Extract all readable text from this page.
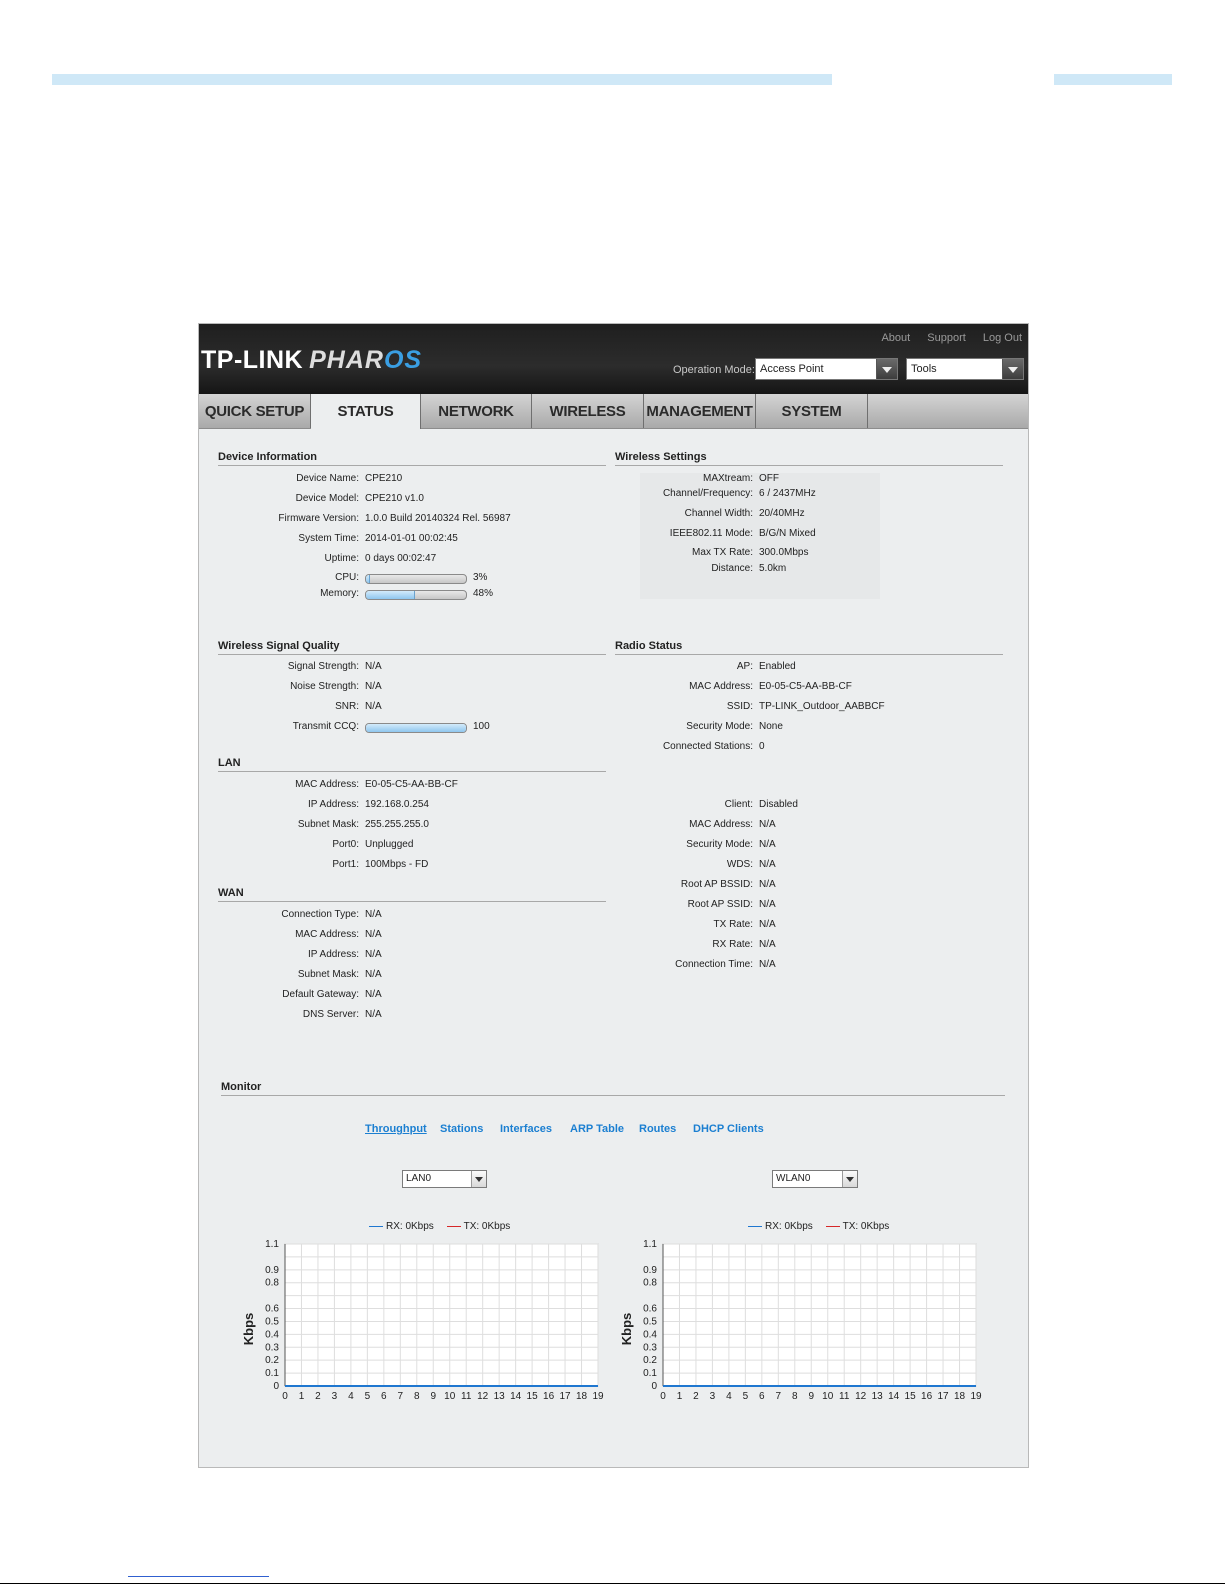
TP-LINK PHAROS
About Support Log Out
Operation Mode: Access Point	Tools
QUICK SETUP	STATUS	NETWORK	WIRELESS	MANAGEMENT	SYSTEM
Device Information
Device Name: CPE210
Device Model: CPE210 v1.0
Firmware Version: 1.0.0 Build 20140324 Rel. 56987
System Time: 2014-01-01 00:02:45
Uptime: 0 days 00:02:47
CPU:	3%
Memory:	48%
Wireless Settings
MAXtream: OFF
Channel/Frequency: 6 / 2437MHz
Channel Width: 20/40MHz
IEEE802.11 Mode: B/G/N Mixed
Max TX Rate: 300.0Mbps
Distance: 5.0km
Wireless Signal Quality
Signal Strength: N/A
Noise Strength: N/A
SNR: N/A
Transmit CCQ:	100
Radio Status
AP: Enabled
MAC Address: E0-05-C5-AA-BB-CF
SSID: TP-LINK_Outdoor_AABBCF
Security Mode: None
Connected Stations: 0
Client: Disabled
MAC Address: N/A
Security Mode: N/A
WDS: N/A
Root AP BSSID: N/A
Root AP SSID: N/A
TX Rate: N/A
RX Rate: N/A
Connection Time: N/A
LAN
MAC Address: E0-05-C5-AA-BB-CF
IP Address: 192.168.0.254
Subnet Mask: 255.255.255.0
Port0: Unplugged
Port1: 100Mbps - FD
WAN
Connection Type: N/A
MAC Address: N/A
IP Address: N/A
Subnet Mask: N/A
Default Gateway: N/A
DNS Server: N/A
Monitor
Throughput Stations Interfaces ARP Table Routes DHCP Clients
LAN0	WLAN0
RX: 0Kbps	TX: 0Kbps	RX: 0Kbps	TX: 0Kbps
0
0.1
0.2
0.3
0.4
0.5
0.6
0.8
0.9
1.1
0 1 2 3 4 5 6 7 8 9 10 11 12 13 14 15 16 17 18 19
Kbps
0
0.1
0.2
0.3
0.4
0.5
0.6
0.8
0.9
1.1
0 1 2 3 4 5 6 7 8 9 10 11 12 13 14 15 16 17 18 19
Kbps
